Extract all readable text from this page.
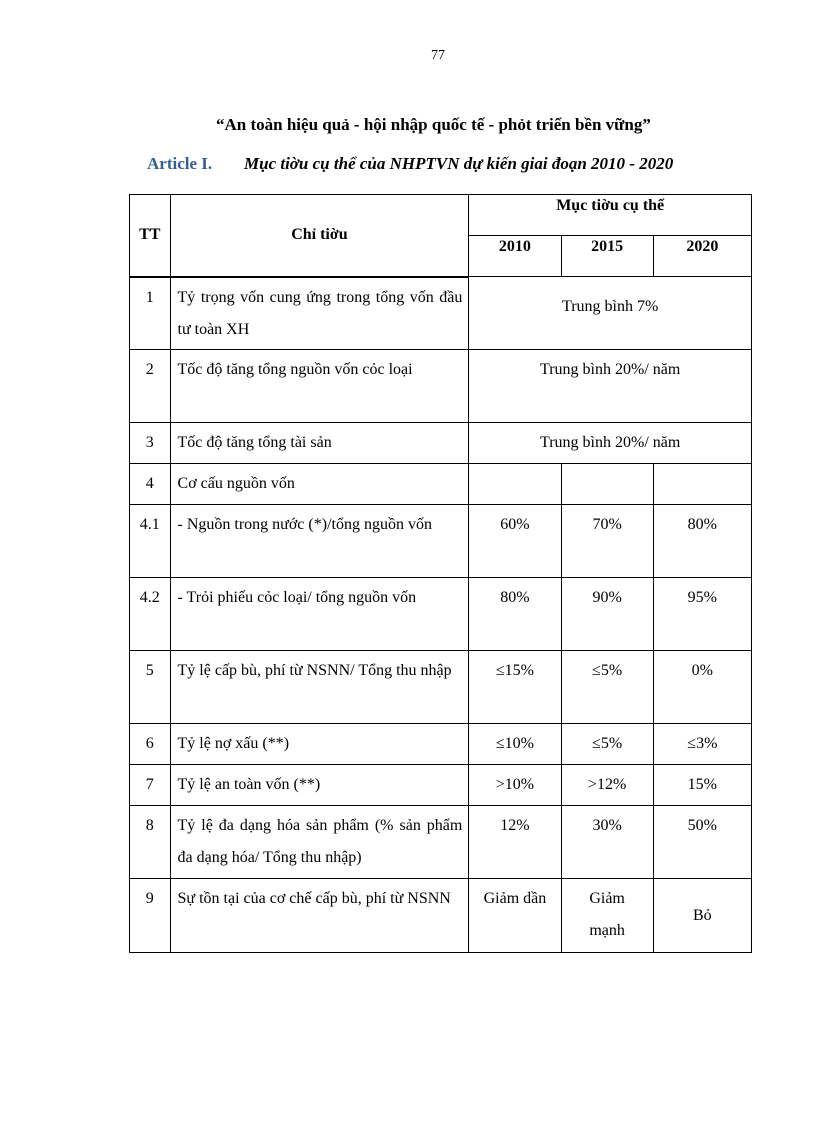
77
“An toàn hiệu quả - hội nhập quốc tế - phỏt triển bền vững”
Article I. Mục tiờu cụ thể của NHPTVN dự kiến giai đoạn 2010 - 2020
TT	Chỉ tiờu	Mục tiờu cụ thể		
		2010	2015	2020
1	Tỷ trọng vốn cung ứng trong tổng vốn đầu tư toàn XH	Trung bình 7%		
2	Tốc độ tăng tổng nguồn vốn cỏc loại	Trung bình 20%/ năm		
3	Tốc độ tăng tổng tài sản	Trung bình 20%/ năm		
4	Cơ cấu nguồn vốn			
4.1	- Nguồn trong nước (*)/tổng nguồn vốn	60%	70%	80%
4.2	- Trỏi phiếu cỏc loại/ tổng nguồn vốn	80%	90%	95%
5	Tỷ lệ cấp bù, phí từ NSNN/ Tổng thu nhập	≤15%	≤5%	0%
6	Tỷ lệ nợ xấu (**)	≤10%	≤5%	≤3%
7	Tỷ lệ an toàn vốn (**)	>10%	>12%	15%
8	Tỷ lệ đa dạng hóa sản phẩm (% sản phẩm đa dạng hóa/ Tổng thu nhập)	12%	30%	50%
9	Sự tồn tại của cơ chế cấp bù, phí từ NSNN	Giảm dần	Giảm mạnh	Bỏ
